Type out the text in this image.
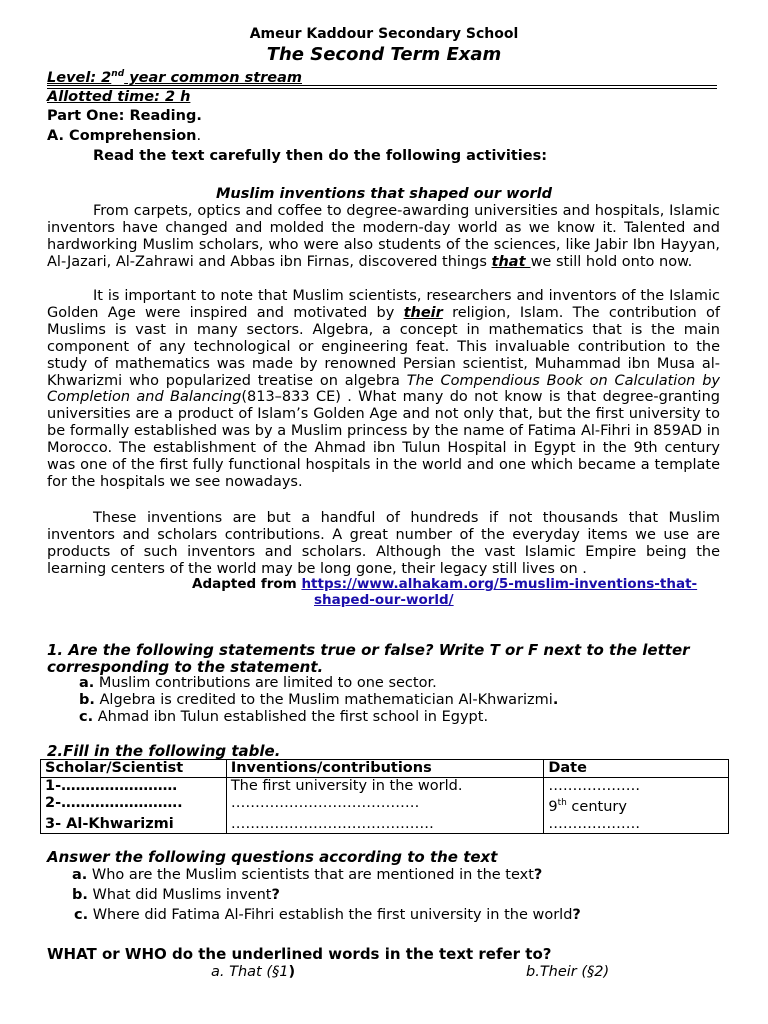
Ameur Kaddour Secondary School
The Second Term Exam
Level: 2nd year common stream
Allotted time: 2 h
Part One: Reading.
A. Comprehension.
Read the text carefully then do the following activities:
Muslim inventions that shaped our world
From carpets, optics and coffee to degree-awarding universities and hospitals, Islamic inventors have changed and molded the modern-day world as we know it. Talented and hardworking Muslim scholars, who were also students of the sciences, like Jabir Ibn Hayyan, Al-Jazari, Al-Zahrawi and Abbas ibn Firnas, discovered things that we still hold onto now.
It is important to note that Muslim scientists, researchers and inventors of the Islamic Golden Age were inspired and motivated by their religion, Islam. The contribution of Muslims is vast in many sectors. Algebra, a concept in mathematics that is the main component of any technological or engineering feat. This invaluable contribution to the study of mathematics was made by renowned Persian scientist, Muhammad ibn Musa al-Khwarizmi who popularized treatise on algebra The Compendious Book on Calculation by Completion and Balancing(813–833 CE) . What many do not know is that degree-granting universities are a product of Islam’s Golden Age and not only that, but the first university to be formally established was by a Muslim princess by the name of Fatima Al-Fihri in 859AD in Morocco. The establishment of the Ahmad ibn Tulun Hospital in Egypt in the 9th century was one of the first fully functional hospitals in the world and one which became a template for the hospitals we see nowadays.
These inventions are but a handful of hundreds if not thousands that Muslim inventors and scholars contributions. A great number of the everyday items we use are products of such inventors and scholars. Although the vast Islamic Empire being the learning centers of the world may be long gone, their legacy still lives on .
Adapted from https://www.alhakam.org/5-muslim-inventions-that-
shaped-our-world/
1. Are the following statements true or false? Write T or F next to the letter
corresponding to the statement.
a. Muslim contributions are limited to one sector.
b. Algebra is credited to the Muslim mathematician Al-Khwarizmi.
c. Ahmad ibn Tulun established the first school in Egypt.
2.Fill in the following table.
Scholar/Scientist	Inventions/contributions	Date
1-……………………	The first university in the world.	……………….
2-…………………….	…………………………………	9th century
3- Al-Khwarizmi	……………………………………	……………….
Answer the following questions according to the text
a. Who are the Muslim scientists that are mentioned in the text?
b. What did Muslims invent?
c. Where did Fatima Al-Fihri establish the first university in the world?
WHAT or WHO do the underlined words in the text refer to?
a. That (§1)	b.Their (§2)
